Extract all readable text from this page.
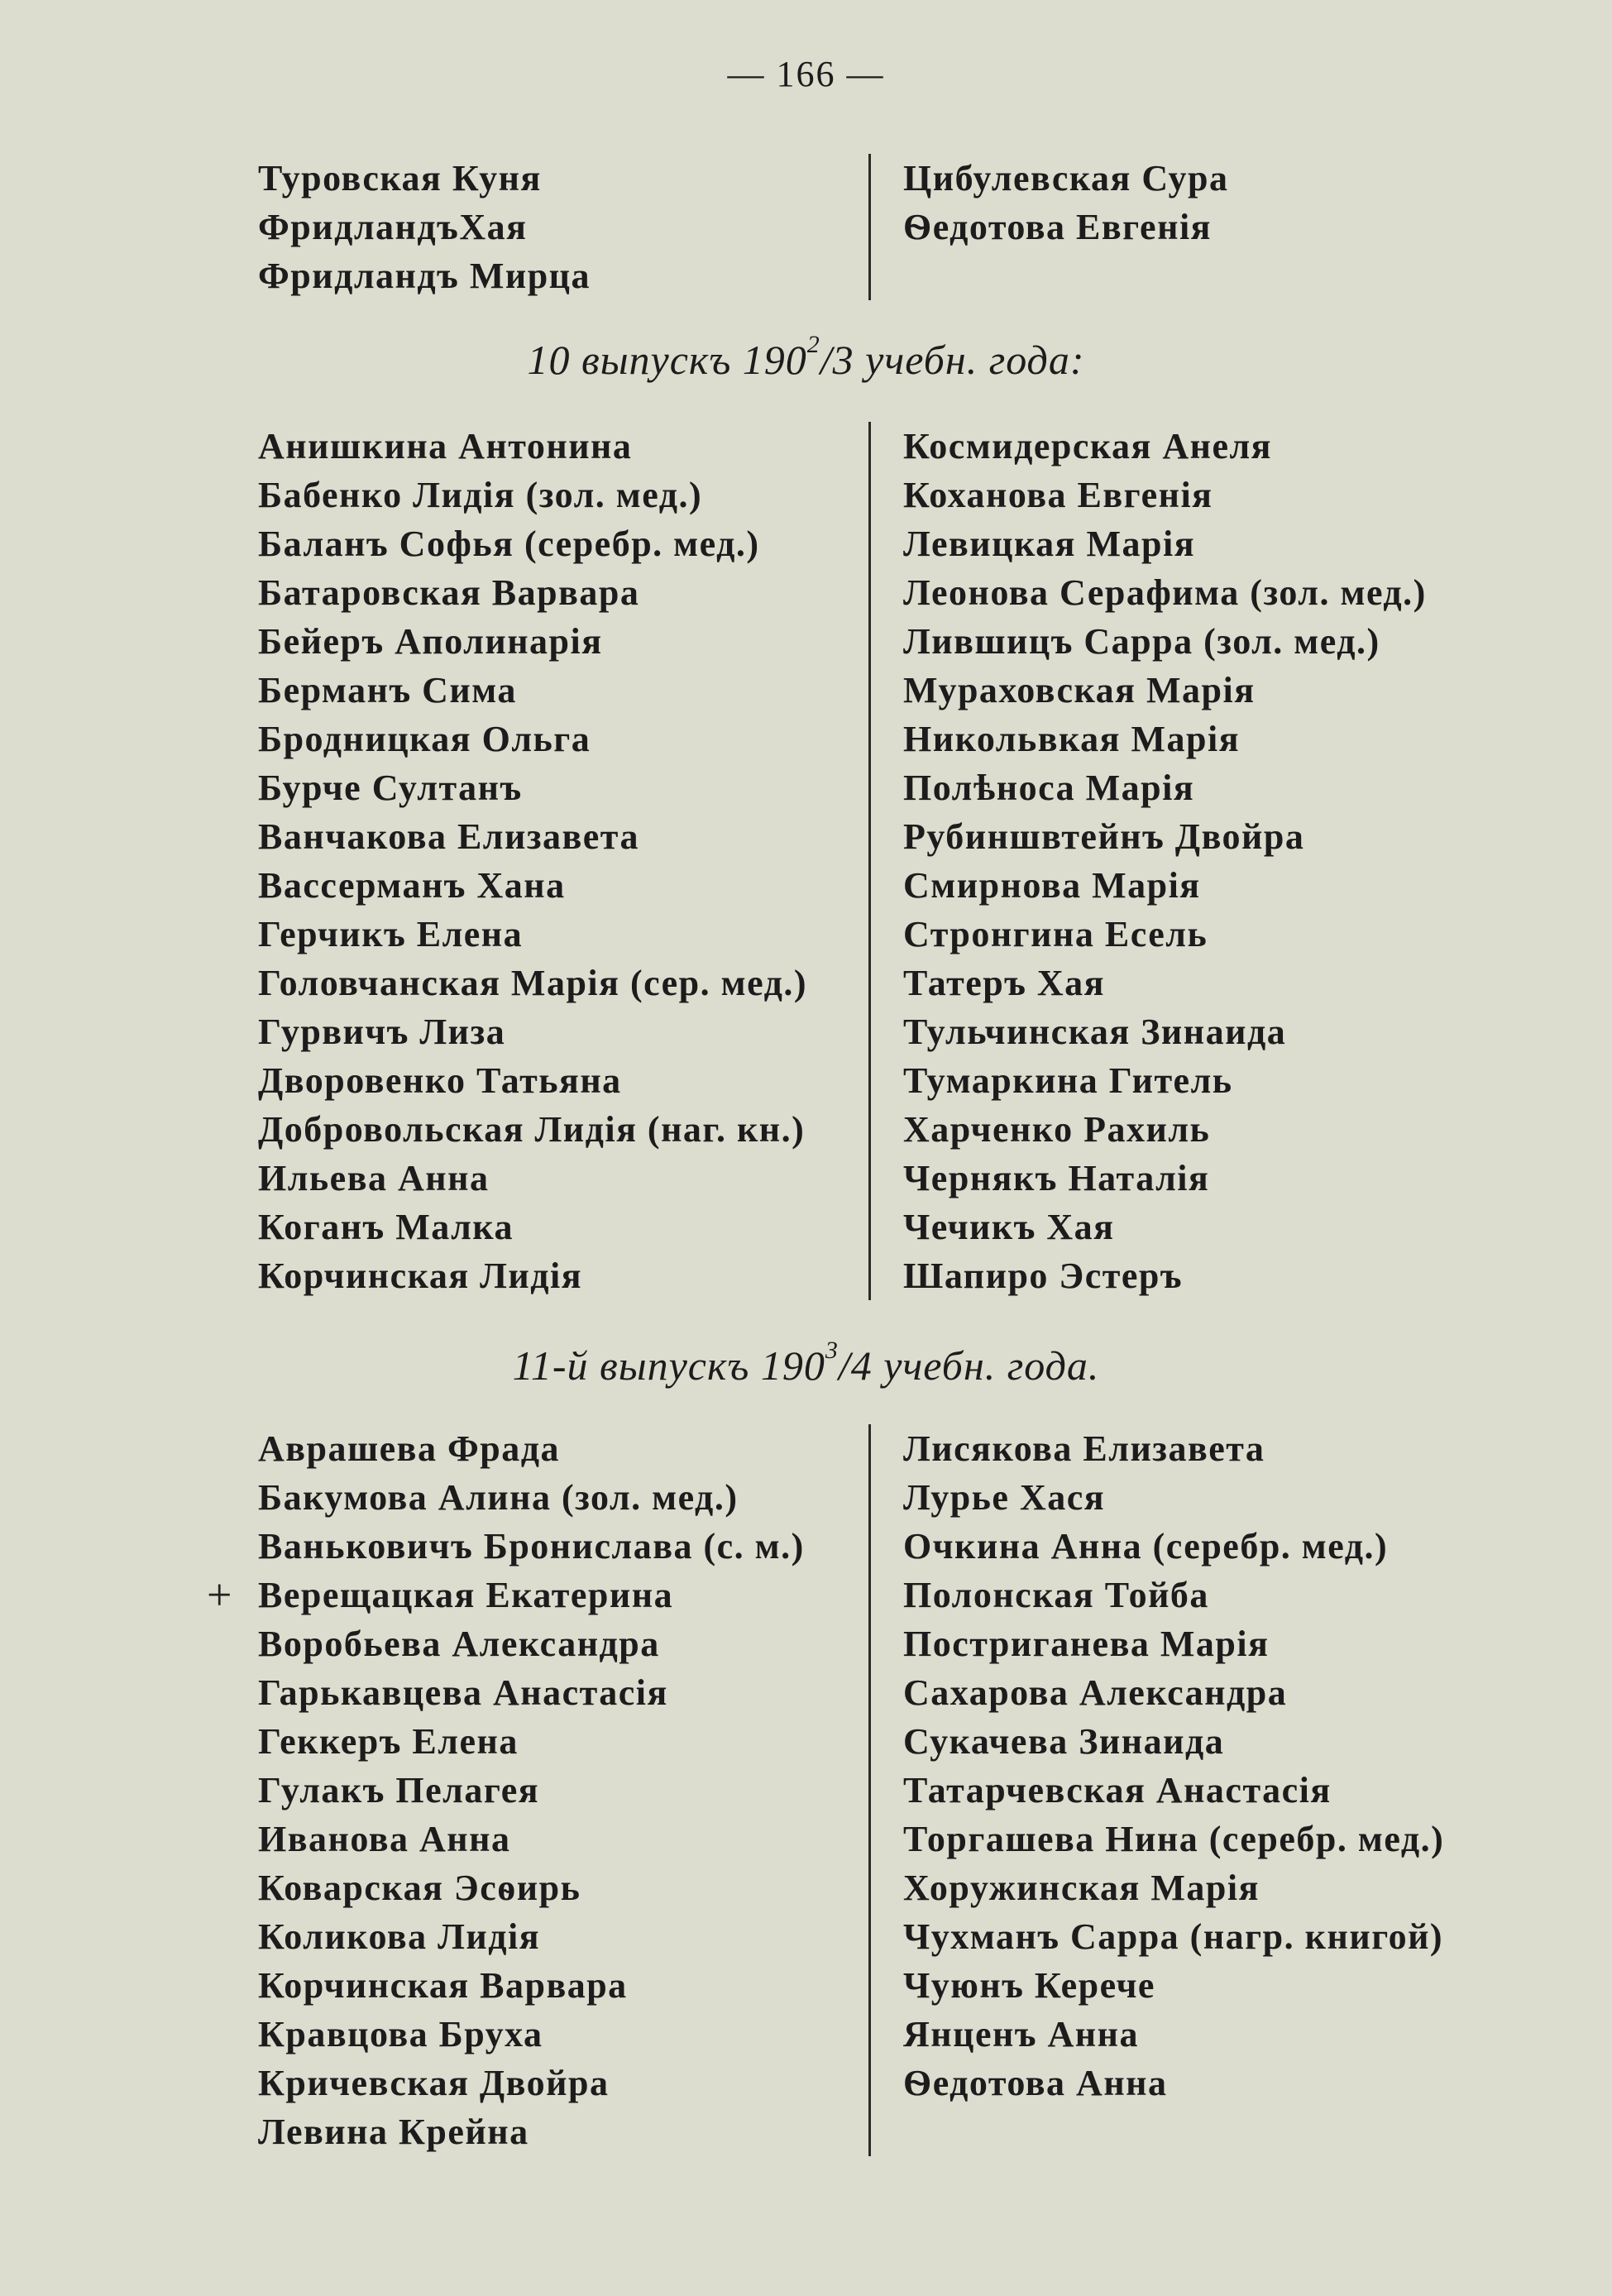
— 166 —
Туровская Куня
ФридландъХая
Фридландъ Мирца
Цибулевская Сура
Ѳедотова Евгенія
10 выпускъ $190^2/3$ учебн. года:
Анишкина Антонина
Бабенко Лидія (зол. мед.)
Баланъ Софья (серебр. мед.)
Батаровская Варвара
Бейеръ Аполинарія
Берманъ Сима
Бродницкая Ольга
Бурче Султанъ
Ванчакова Елизавета
Вассерманъ Хана
Герчикъ Елена
Головчанская Марія (сер. мед.)
Гурвичъ Лиза
Дворовенко Татьяна
Добровольская Лидія (наг. кн.)
Ильева Анна
Коганъ Малка
Корчинская Лидія
Космидерская Анеля
Коханова Евгенія
Левицкая Марія
Леонова Серафима (зол. мед.)
Лившицъ Сарра (зол. мед.)
Мураховская Марія
Никольвкая Марія
Полѣноса Марія
Рубиншвтейнъ Двойра
Смирнова Марія
Стронгина Есель
Татеръ Хая
Тульчинская Зинаида
Тумаркина Гитель
Харченко Рахиль
Чернякъ Наталія
Чечикъ Хая
Шапиро Эстеръ
11-й выпускъ $190^3/4$ учебн. года.
+
Аврашева Фрада
Бакумова Алина (зол. мед.)
Ваньковичъ Бронислава (с. м.)
Верещацкая Екатерина
Воробьева Александра
Гарькавцева Анастасія
Геккеръ Елена
Гулакъ Пелагея
Иванова Анна
Коварская Эсѳирь
Коликова Лидія
Корчинская Варвара
Кравцова Бруха
Кричевская Двойра
Левина Крейна
Лисякова Елизавета
Лурье Хася
Очкина Анна (серебр. мед.)
Полонская Тойба
Постриганева Марія
Сахарова Александра
Сукачева Зинаида
Татарчевская Анастасія
Торгашева Нина (серебр. мед.)
Хоружинская Марія
Чухманъ Сарра (нагр. книгой)
Чуюнъ Керече
Янценъ Анна
Ѳедотова Анна
